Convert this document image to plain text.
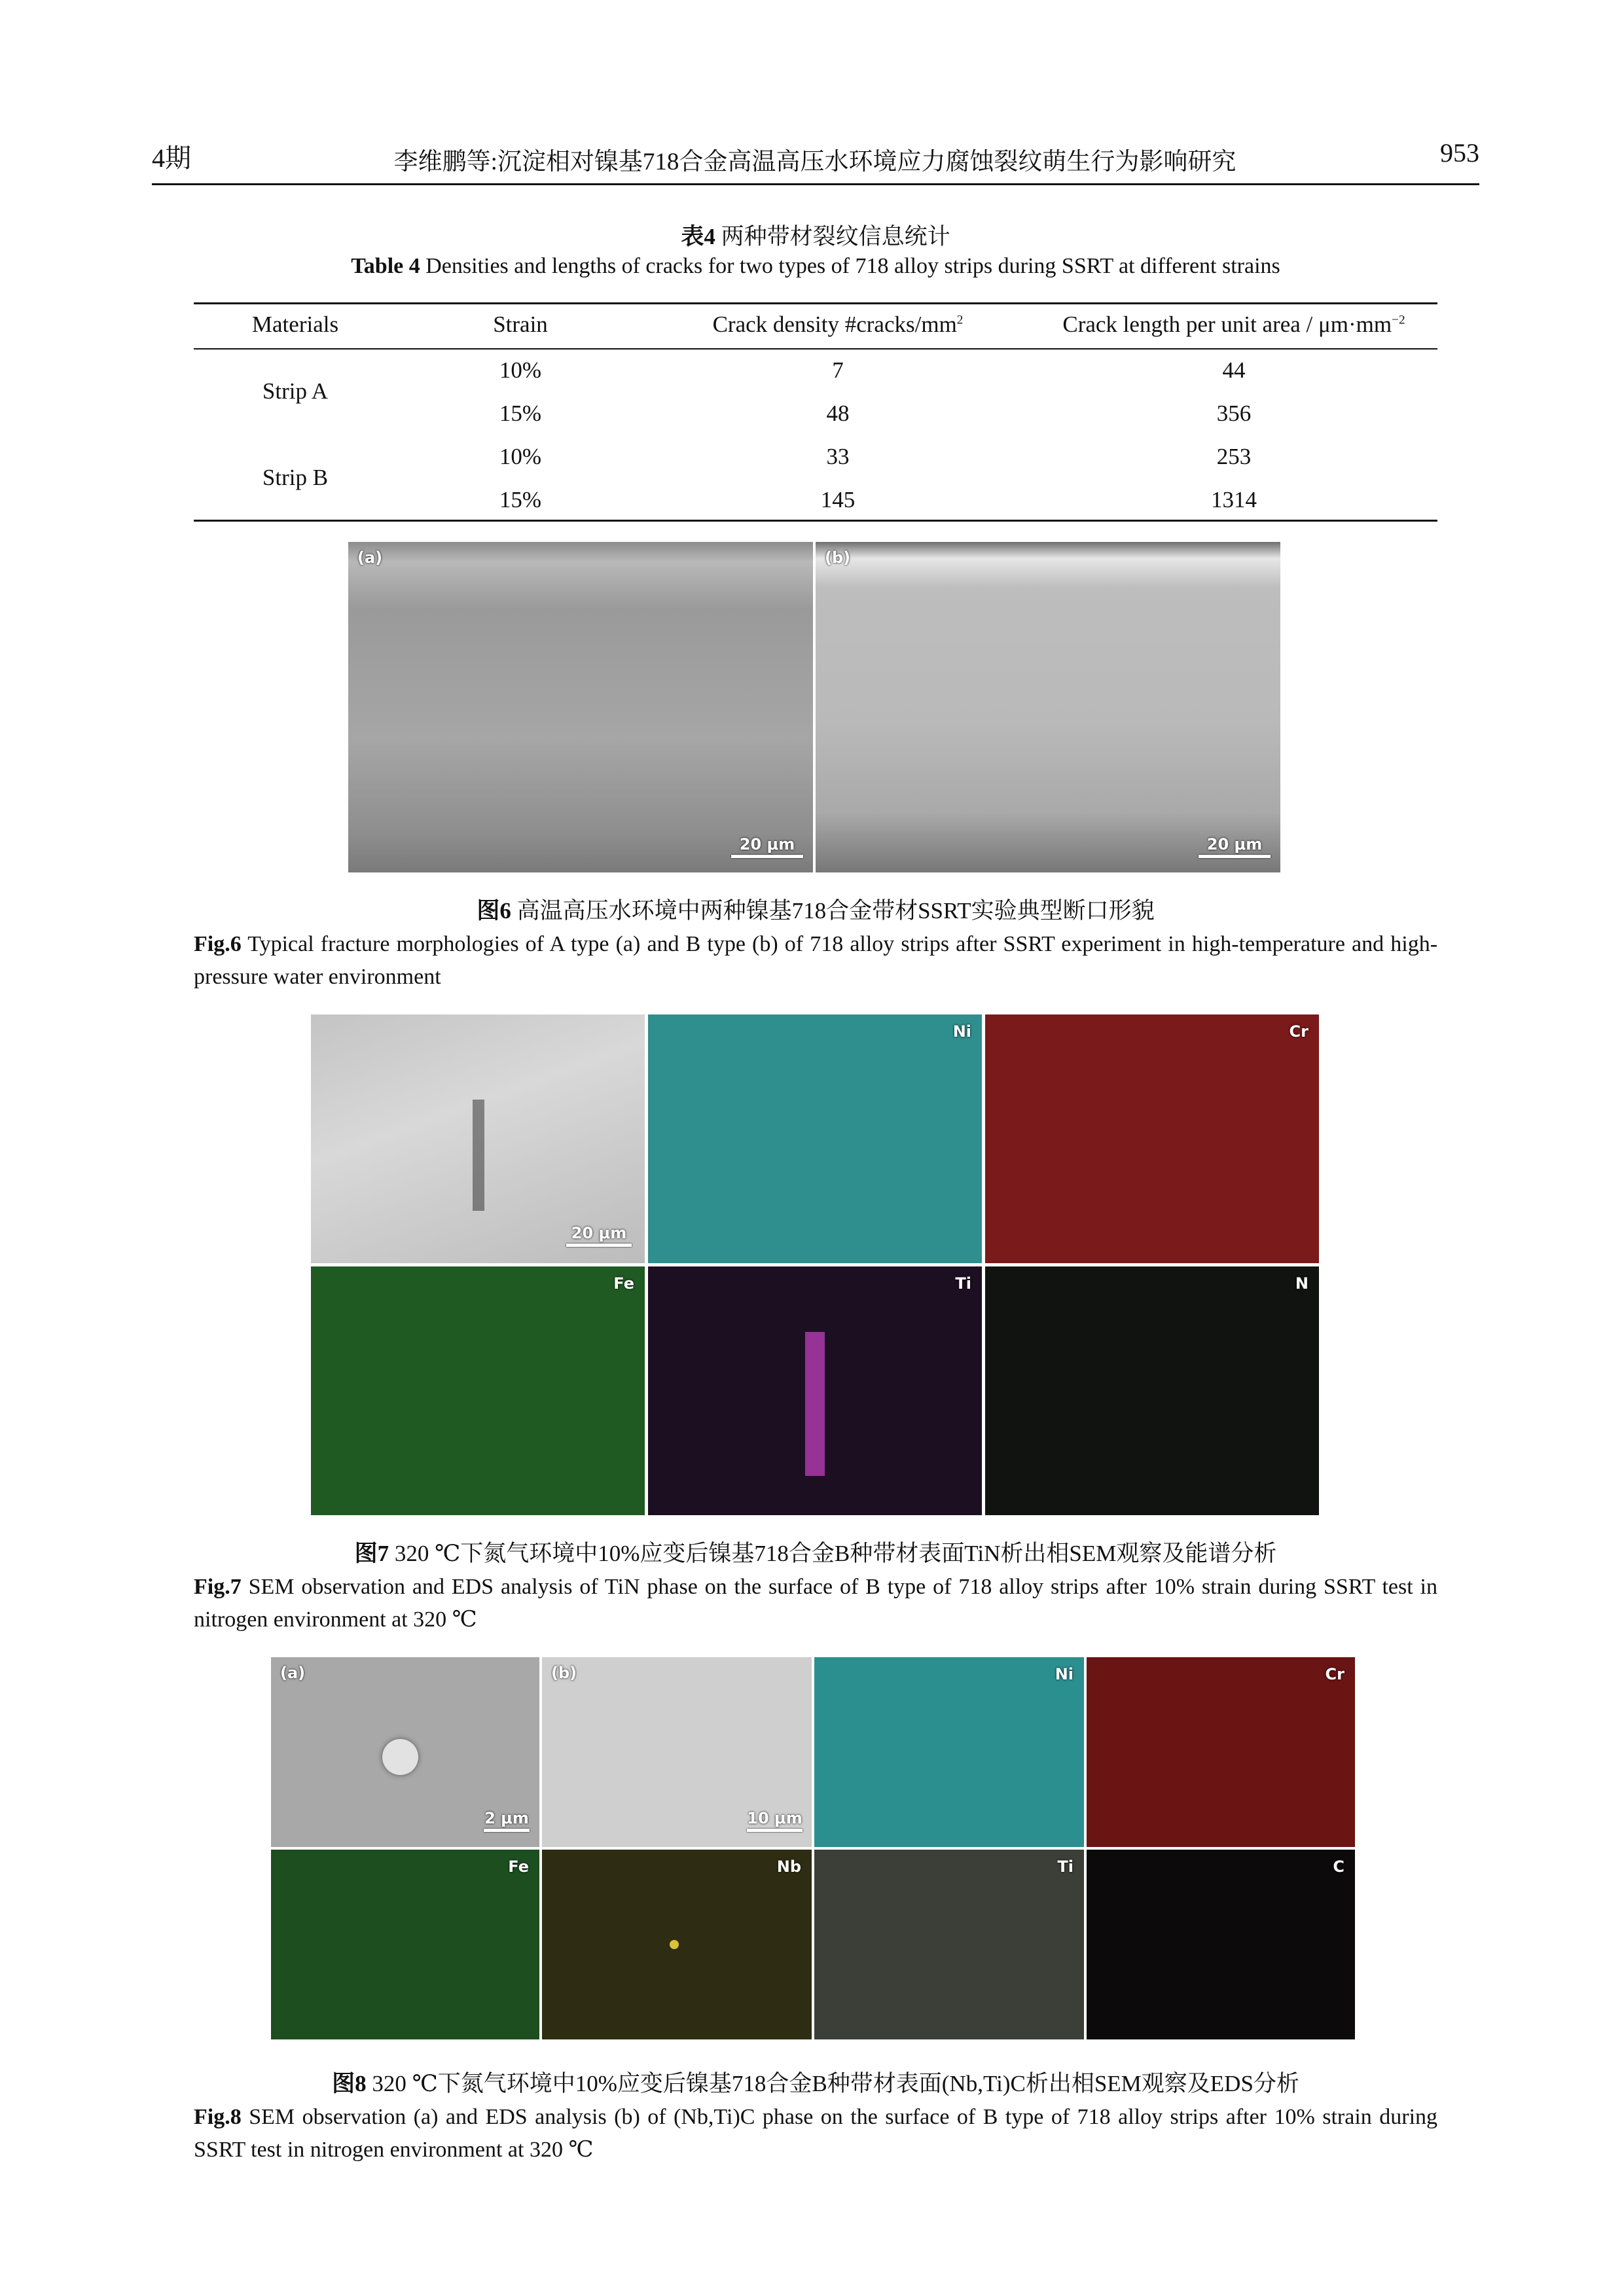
4期	李维鹏等:沉淀相对镍基718合金高温高压水环境应力腐蚀裂纹萌生行为影响研究	953
表4 两种带材裂纹信息统计
Table 4 Densities and lengths of cracks for two types of 718 alloy strips during SSRT at different strains
Materials	Strain	Crack density $\#cracks/mm^2$	Crack length per unit area / $\mu m\cdot mm^{-2}$
Strip A
10%	7	44
15%	48	356
Strip B
10%	33	253
15%	145	1314
(a)
20 μm
(b)
20 μm
图6 高温高压水环境中两种镍基718合金带材SSRT实验典型断口形貌
Fig.6 Typical fracture morphologies of A type (a) and B type (b) of 718 alloy strips after SSRT experiment in high-temperature and high-pressure water environment
20 μm
Ni	Cr
Fe	Ti	N
图7 320 ℃下氮气环境中10%应变后镍基718合金B种带材表面TiN析出相SEM观察及能谱分析
Fig.7 SEM observation and EDS analysis of TiN phase on the surface of B type of 718 alloy strips after 10% strain during SSRT test in nitrogen environment at 320 ℃
(a)
2 μm
(b)
10 μm
Ni	Cr
Fe	Nb	Ti	C
图8 320 ℃下氮气环境中10%应变后镍基718合金B种带材表面(Nb,Ti)C析出相SEM观察及EDS分析
Fig.8 SEM observation (a) and EDS analysis (b) of (Nb,Ti)C phase on the surface of B type of 718 alloy strips after 10% strain during SSRT test in nitrogen environment at 320 ℃
